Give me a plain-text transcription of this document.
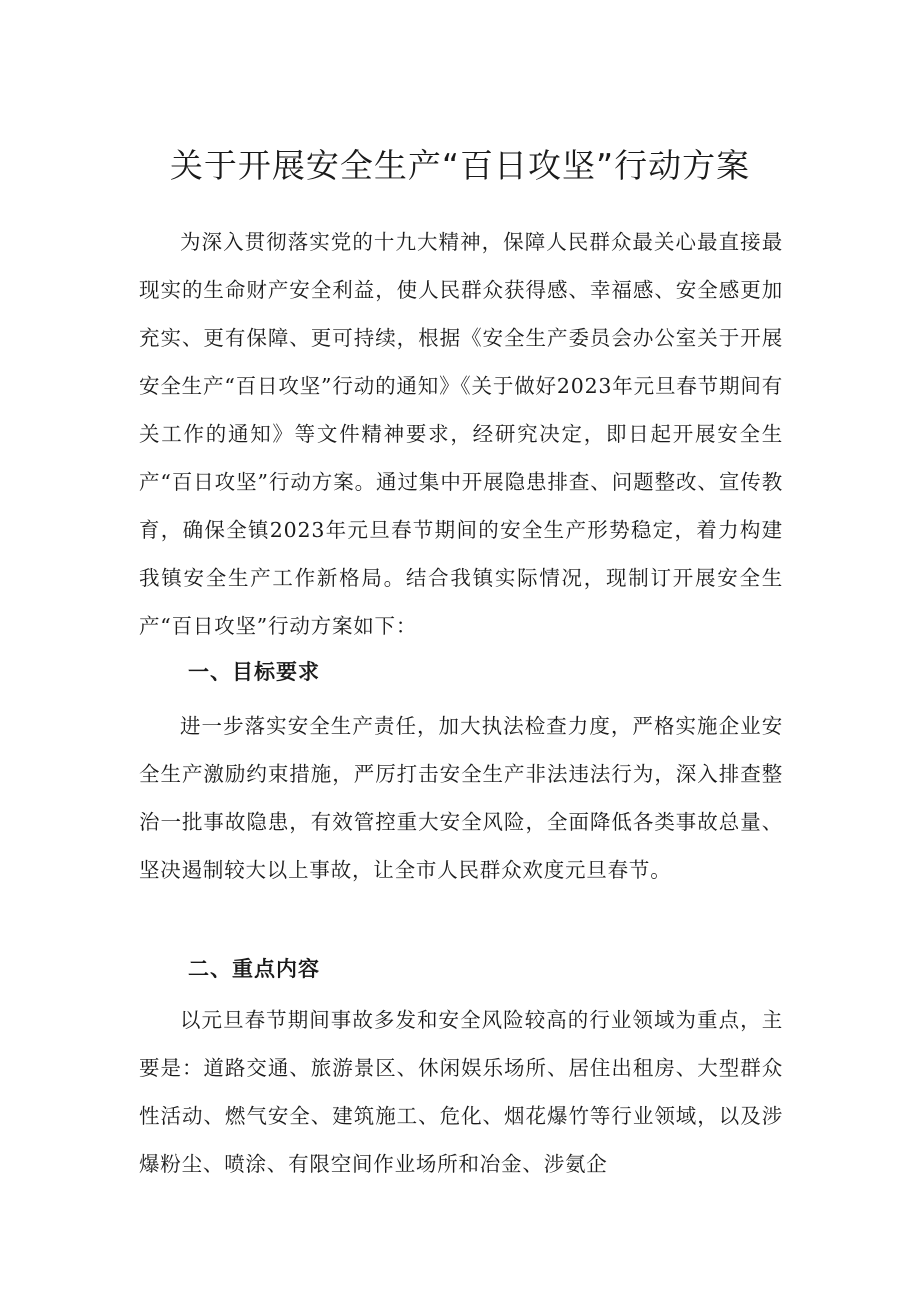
关于开展安全生产“百日攻坚”行动方案

为深入贯彻落实党的十九大精神，保障人民群众最关心最直接最现实的生命财产安全利益，使人民群众获得感、幸福感、安全感更加充实、更有保障、更可持续，根据《安全生产委员会办公室关于开展安全生产“百日攻坚”行动的通知》《关于做好2023年元旦春节期间有关工作的通知》等文件精神要求，经研究决定，即日起开展安全生产“百日攻坚”行动方案。通过集中开展隐患排查、问题整改、宣传教育，确保全镇2023年元旦春节期间的安全生产形势稳定，着力构建我镇安全生产工作新格局。结合我镇实际情况，现制订开展安全生产“百日攻坚”行动方案如下：

一、目标要求

进一步落实安全生产责任，加大执法检查力度，严格实施企业安全生产激励约束措施，严厉打击安全生产非法违法行为，深入排查整治一批事故隐患，有效管控重大安全风险，全面降低各类事故总量、坚决遏制较大以上事故，让全市人民群众欢度元旦春节。

二、重点内容

以元旦春节期间事故多发和安全风险较高的行业领域为重点，主要是：道路交通、旅游景区、休闲娱乐场所、居住出租房、大型群众性活动、燃气安全、建筑施工、危化、烟花爆竹等行业领域，以及涉爆粉尘、喷涂、有限空间作业场所和冶金、涉氨企
